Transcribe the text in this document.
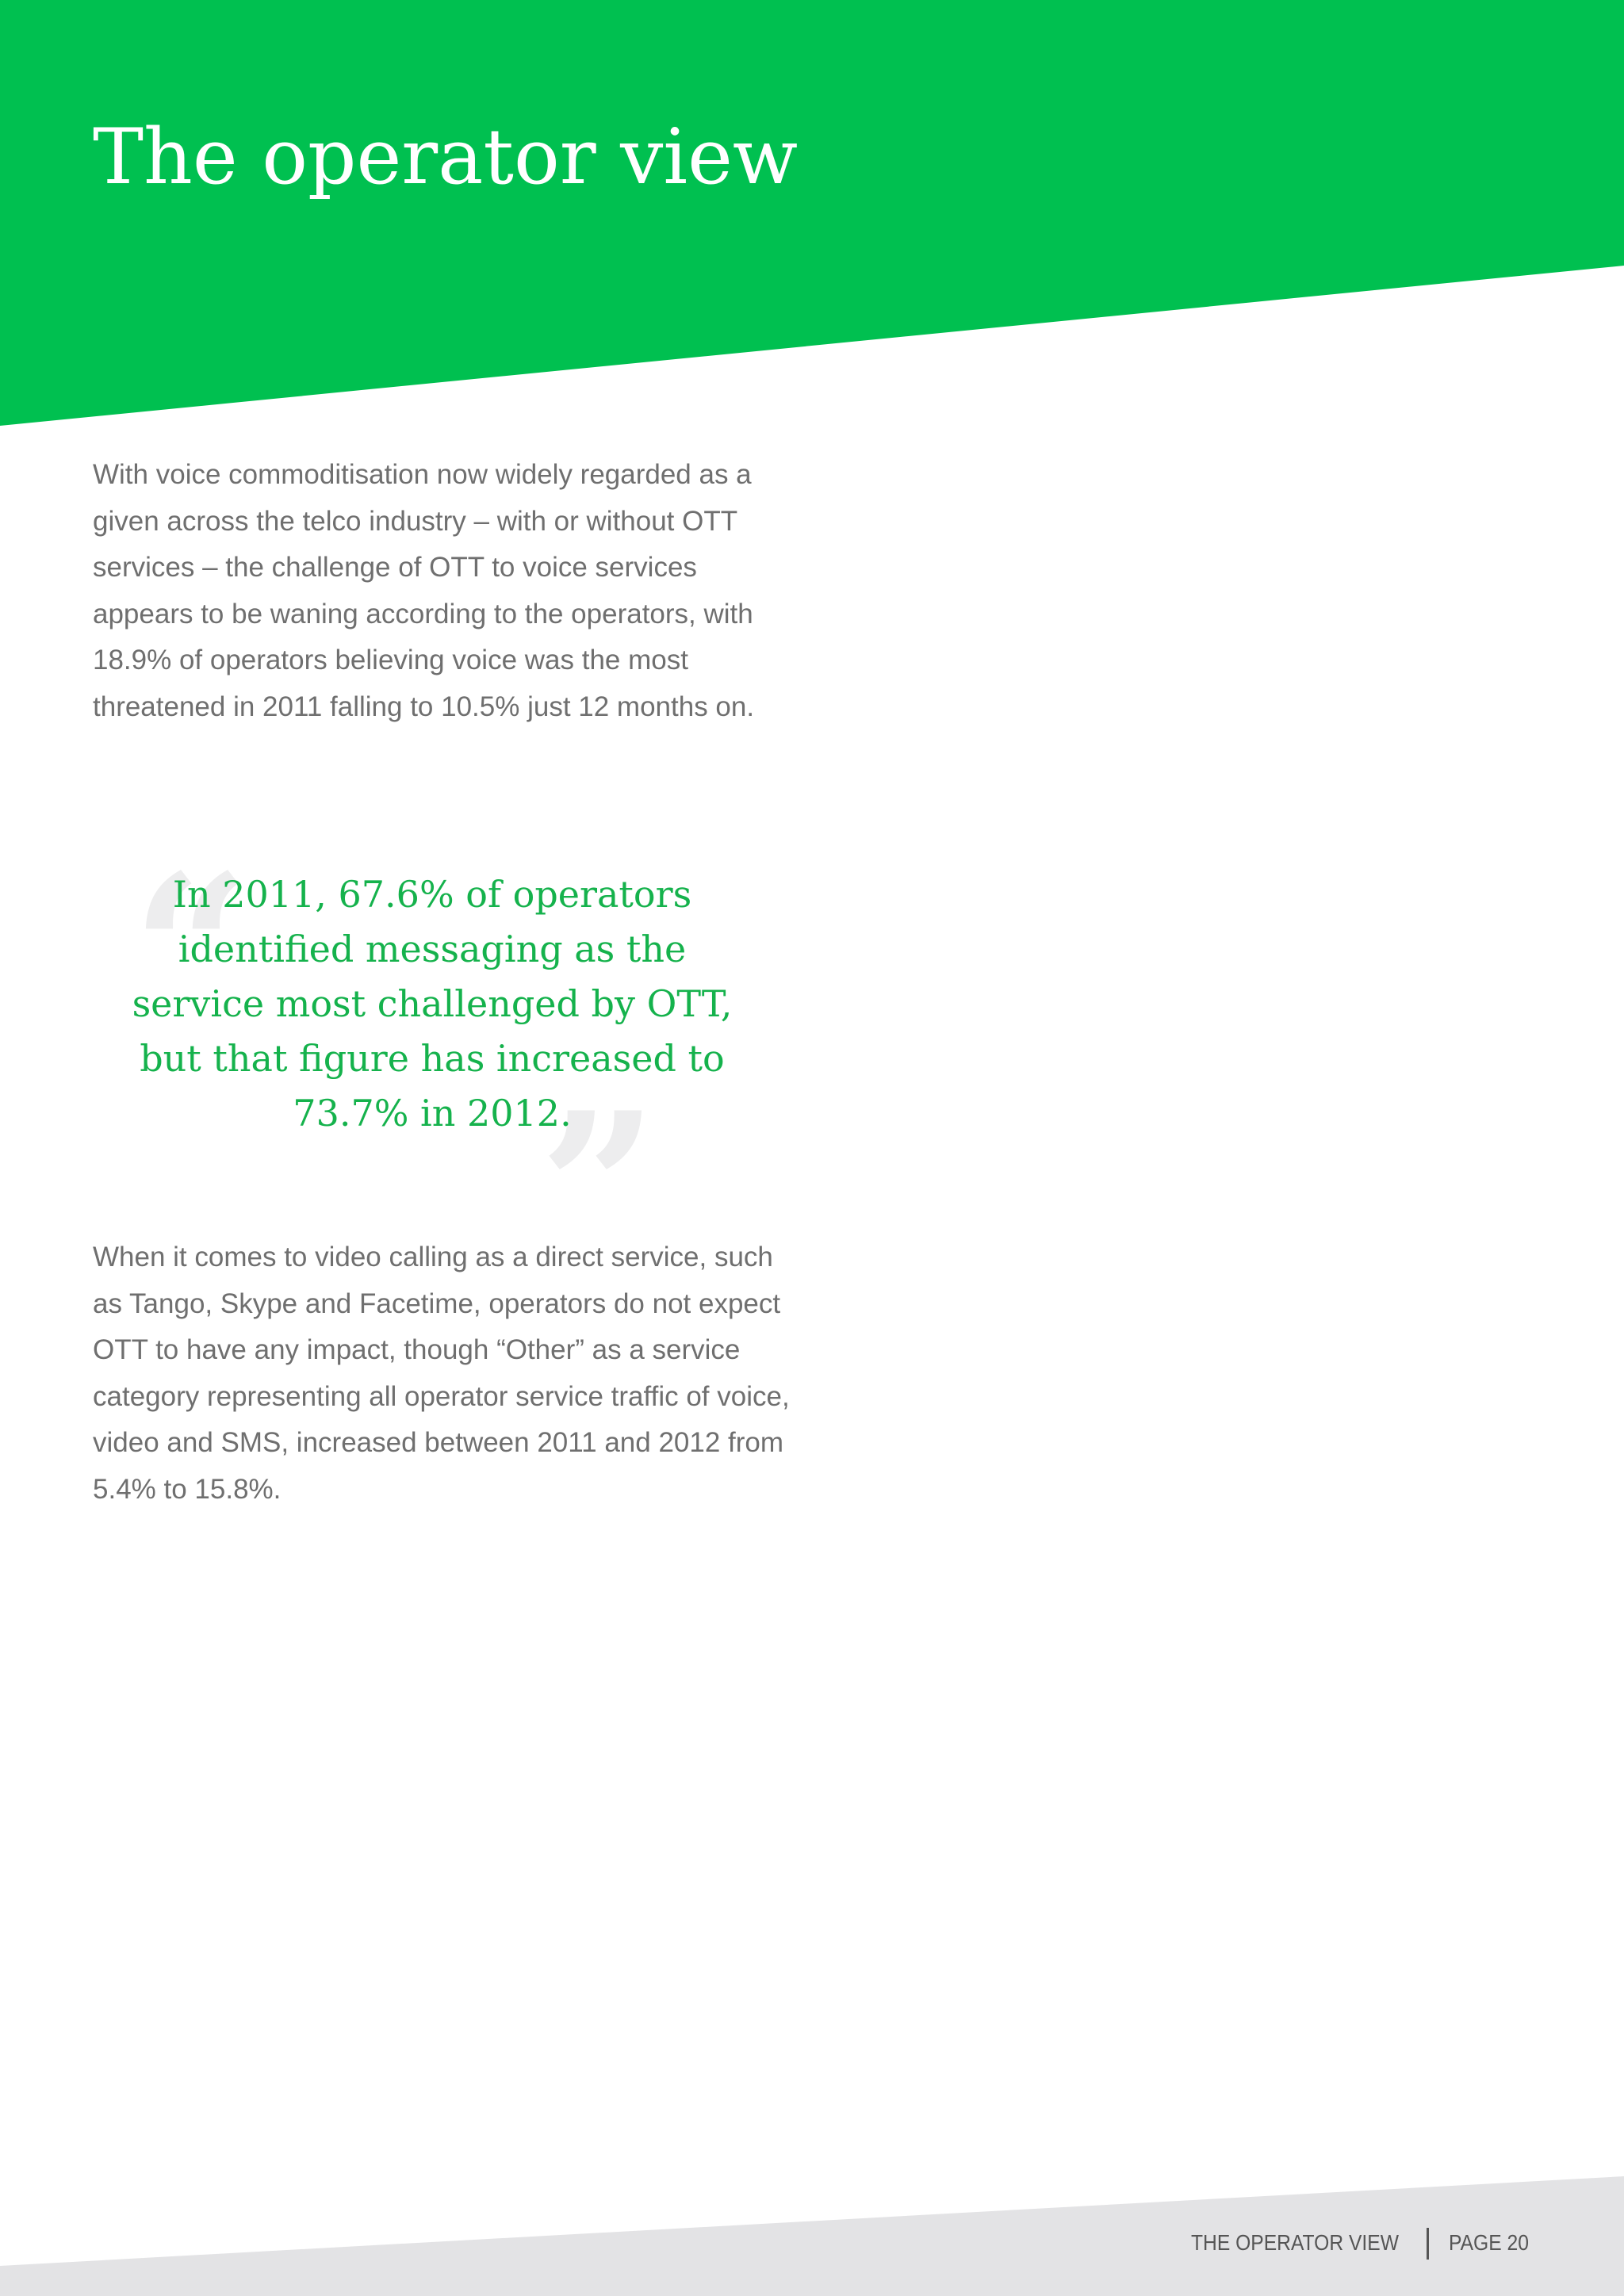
The operator view

With voice commoditisation now widely regarded as a given across the telco industry – with or without OTT services – the challenge of OTT to voice services appears to be waning according to the operators, with 18.9% of operators believing voice was the most threatened in 2011 falling to 10.5% just 12 months on.

“
”

In 2011, 67.6% of operators identified messaging as the service most challenged by OTT, but that figure has increased to 73.7% in 2012.

When it comes to video calling as a direct service, such as Tango, Skype and Facetime, operators do not expect OTT to have any impact, though “Other” as a service category representing all operator service traffic of voice, video and SMS, increased between 2011 and 2012 from 5.4% to 15.8%.

THE OPERATOR VIEW PAGE 20
